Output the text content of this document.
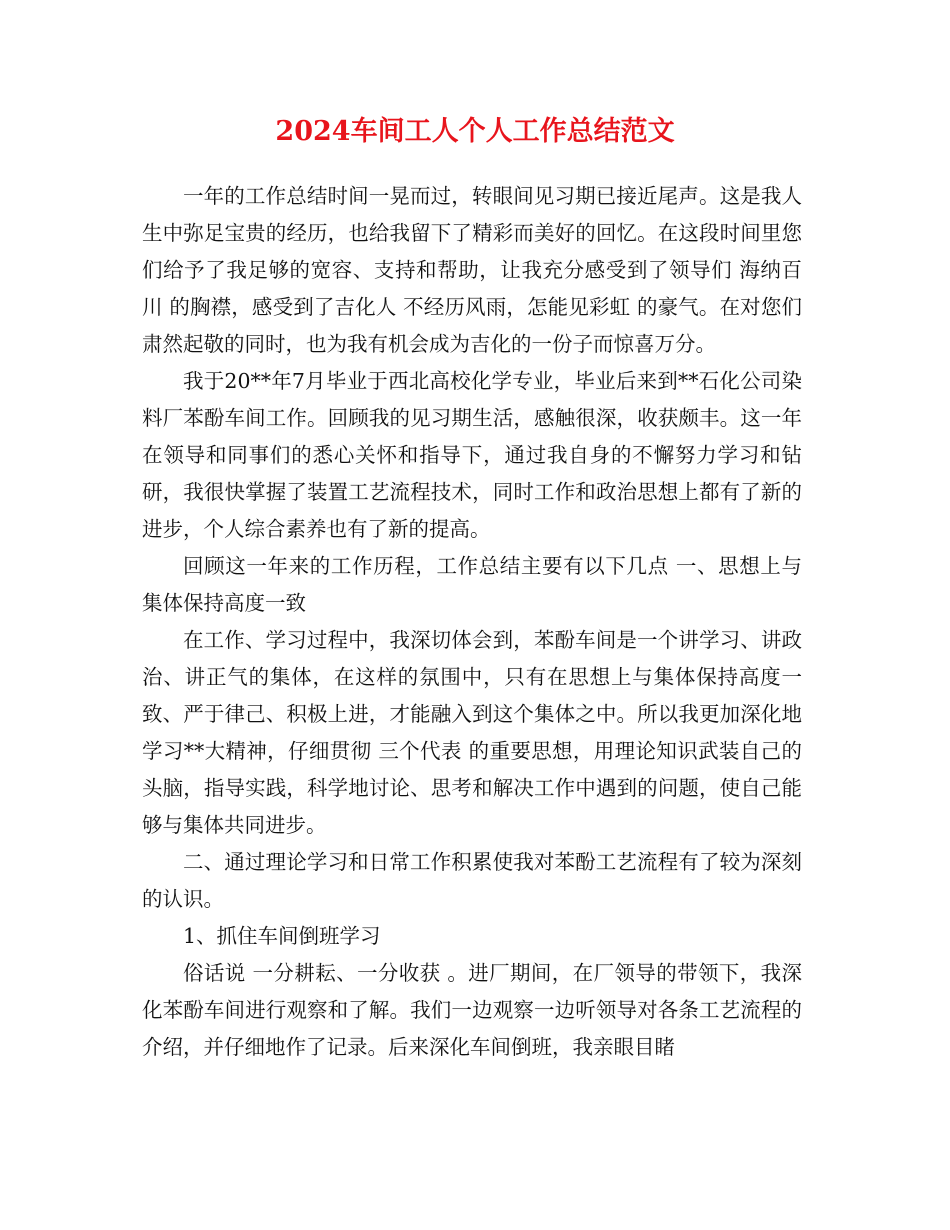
2024车间工人个人工作总结范文

一年的工作总结时间一晃而过，转眼间见习期已接近尾声。这是我人生中弥足宝贵的经历，也给我留下了精彩而美好的回忆。在这段时间里您们给予了我足够的宽容、支持和帮助，让我充分感受到了领导们 海纳百川 的胸襟，感受到了吉化人 不经历风雨，怎能见彩虹 的豪气。在对您们肃然起敬的同时，也为我有机会成为吉化的一份子而惊喜万分。

我于20**年7月毕业于西北高校化学专业，毕业后来到**石化公司染料厂苯酚车间工作。回顾我的见习期生活，感触很深，收获颇丰。这一年在领导和同事们的悉心关怀和指导下，通过我自身的不懈努力学习和钻研，我很快掌握了装置工艺流程技术，同时工作和政治思想上都有了新的进步，个人综合素养也有了新的提高。

回顾这一年来的工作历程，工作总结主要有以下几点 一、思想上与集体保持高度一致

在工作、学习过程中，我深切体会到，苯酚车间是一个讲学习、讲政治、讲正气的集体，在这样的氛围中，只有在思想上与集体保持高度一致、严于律己、积极上进，才能融入到这个集体之中。所以我更加深化地学习**大精神，仔细贯彻 三个代表 的重要思想，用理论知识武装自己的头脑，指导实践，科学地讨论、思考和解决工作中遇到的问题，使自己能够与集体共同进步。

二、通过理论学习和日常工作积累使我对苯酚工艺流程有了较为深刻的认识。

1、抓住车间倒班学习

俗话说 一分耕耘、一分收获 。进厂期间，在厂领导的带领下，我深化苯酚车间进行观察和了解。我们一边观察一边听领导对各条工艺流程的介绍，并仔细地作了记录。后来深化车间倒班，我亲眼目睹
